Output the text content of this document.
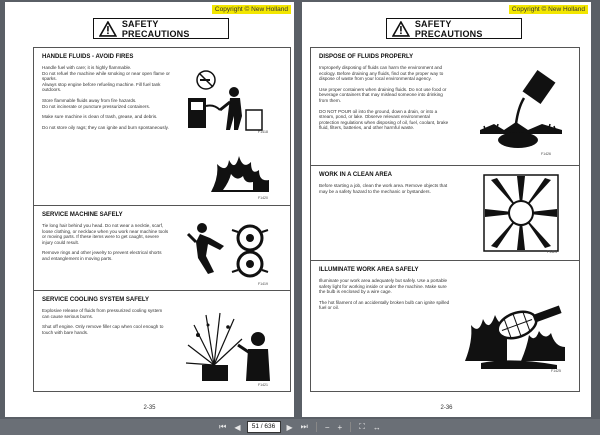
Copyright © New Holland
SAFETY PRECAUTIONS
HANDLE FLUIDS - AVOID FIRES

Handle fuel with care; it is highly flammable.
Do not refuel the machine while smoking or near open flame or sparks.
Always stop engine before refueling machine. Fill fuel tank outdoors.

Store flammable fluids away from fire hazards.
Do not incinerate or puncture pressurized containers.

Make sure machine is clean of trash, grease, and debris.

Do not store oily rags; they can ignite and burn spontaneously.

F1418
F1420
SERVICE MACHINE SAFELY

Tie long hair behind you head. Do not wear a necktie, scarf, loose clothing, or necklace when you work near machine tools or moving parts. If these items were to get caught, severe injury could result.

Remove rings and other jewelry to prevent electrical shorts and entanglement in moving parts.

F1419
SERVICE COOLING SYSTEM SAFELY

Explosive release of fluids from pressurized cooling system can cause serious burns.

Shut off engine. Only remove filler cap when cool enough to touch with bare hands.

F1421
2-35
Copyright © New Holland
SAFETY PRECAUTIONS
DISPOSE OF FLUIDS PROPERLY

Improperly disposing of fluids can harm the environment and ecology. Before draining any fluids, find out the proper way to dispose of waste from your local environmental agency.

Use proper containers when draining fluids. Do not use food or beverage containers that may mislead someone into drinking from them.

DO NOT POUR oil into the ground, down a drain, or into a stream, pond, or lake. Observe relevant environmental protection regulations when disposing of oil, fuel, coolant, brake fluid, filters, batteries, and other harmful waste.

F1426
WORK IN A CLEAN AREA

Before starting a job, clean the work area. Remove objects that may be a safety hazard to the mechanic or bystanders.

F1424
ILLUMINATE WORK AREA SAFELY

Illuminate your work area adequately but safely. Use a portable safety light for working inside or under the machine. Make sure the bulb is enclosed by a wire cage.

The hot filament of an accidentally broken bulb can ignite spilled fuel or oil.

F1425
2-36
⏮ ◀	51 / 636	▶ ⏭ − + ⛶ ↔
